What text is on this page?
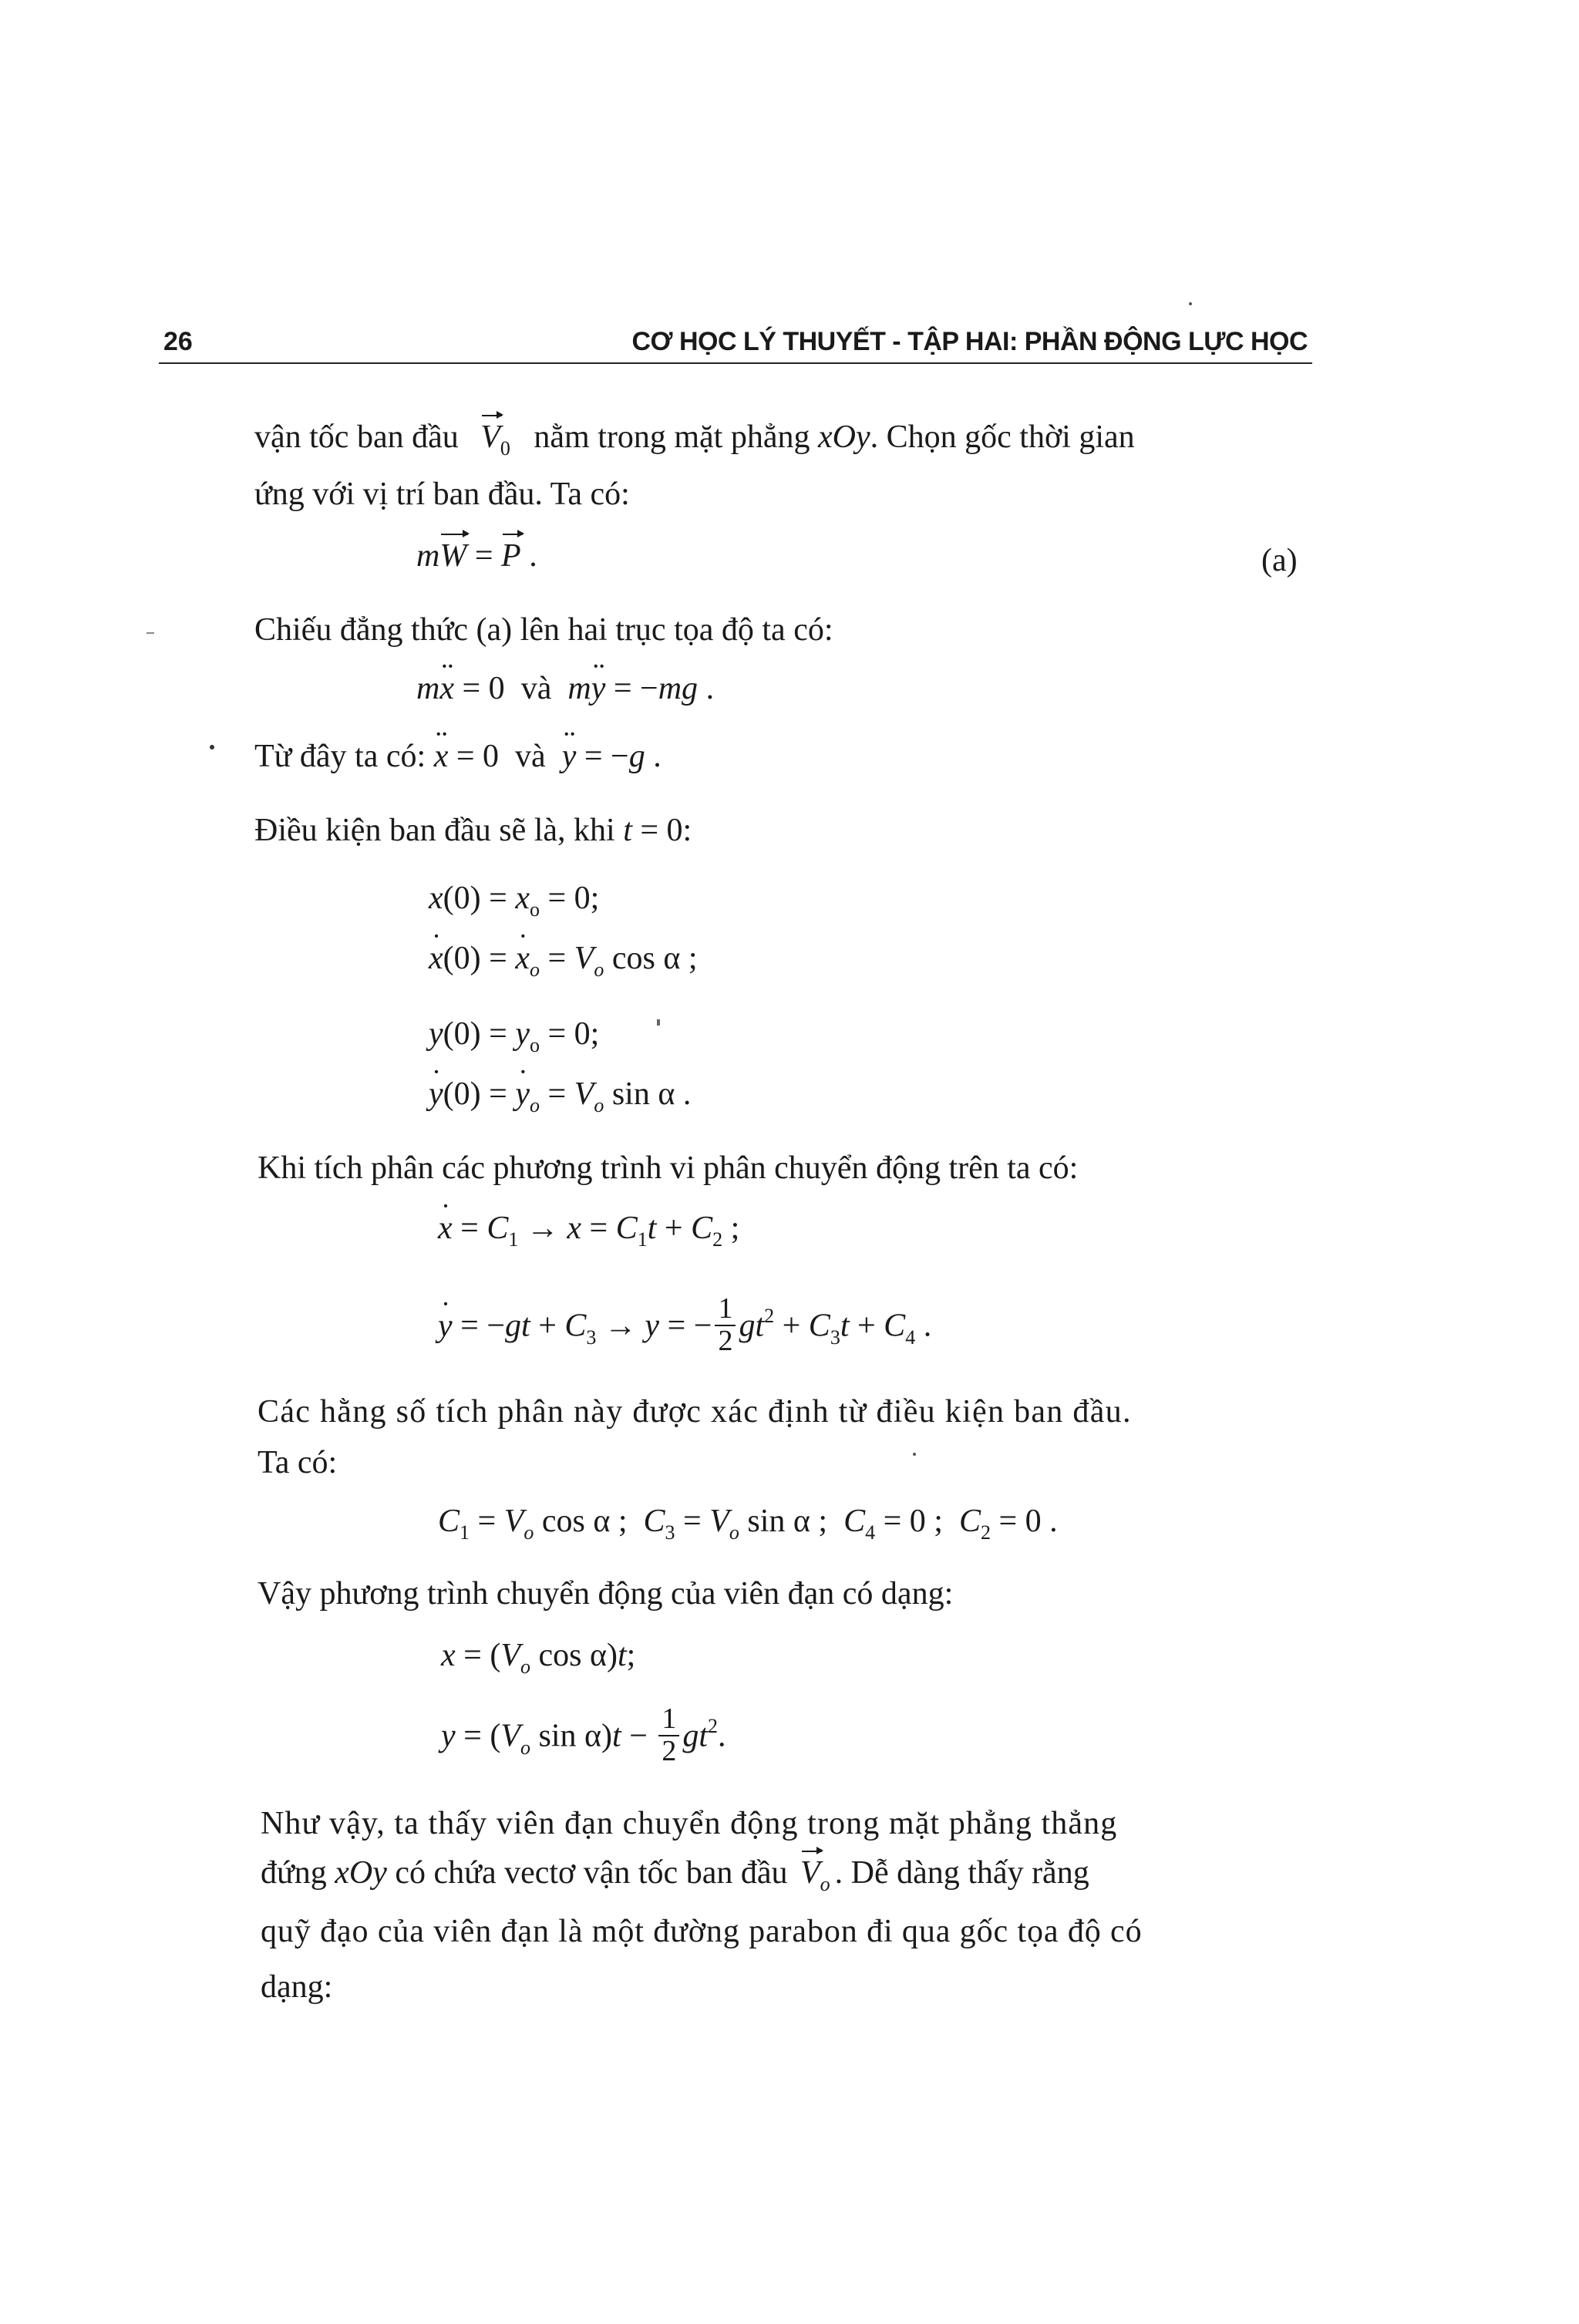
26	CƠ HỌC LÝ THUYẾT - TẬP HAI: PHẦN ĐỘNG LỰC HỌC
vận tốc ban đầu $V_0$ nằm trong mặt phẳng xOy. Chọn gốc thời gian
ứng với vị trí ban đầu. Ta có:
mW = P .	(a)
Chiếu đẳng thức (a) lên hai trục tọa độ ta có:
m·· x = 0  và m·· y = −mg .
Từ đây ta có: ·· x = 0  và ·· y = −g .
Điều kiện ban đầu sẽ là, khi t = 0:
$x(0) = x_o = 0$;
· x(0) = · $x_o = V_o$ cos α ;
$y(0) = y_o = 0$;
· y(0) = · $y_o = V_o$ sin α .
Khi tích phân các phương trình vi phân chuyển động trên ta có:
· $x = C_1 \to x = C_1t + C_2$ ;
· $y = -gt + C_3 \to y$ = − $\frac{1}{2} gt^2 + C_3t + C_4$ .
Các hằng số tích phân này được xác định từ điều kiện ban đầu.
Ta có:
$C_1 = V_o$ cos α ;  $C_3 = V_o$ sin α ;  $C_4 = 0$ ;  $C_2 = 0$ .
Vậy phương trình chuyển động của viên đạn có dạng:
$x = (V_o$ cos α)t;
$y = (V_o$ $\sin \alpha)t - \frac{1}{2} gt^2$.
Như vậy, ta thấy viên đạn chuyển động trong mặt phẳng thẳng
đứng xOy có chứa vectơ vận tốc ban đầu $V_o$ . Dễ dàng thấy rằng
quỹ đạo của viên đạn là một đường parabon đi qua gốc tọa độ có
dạng:
